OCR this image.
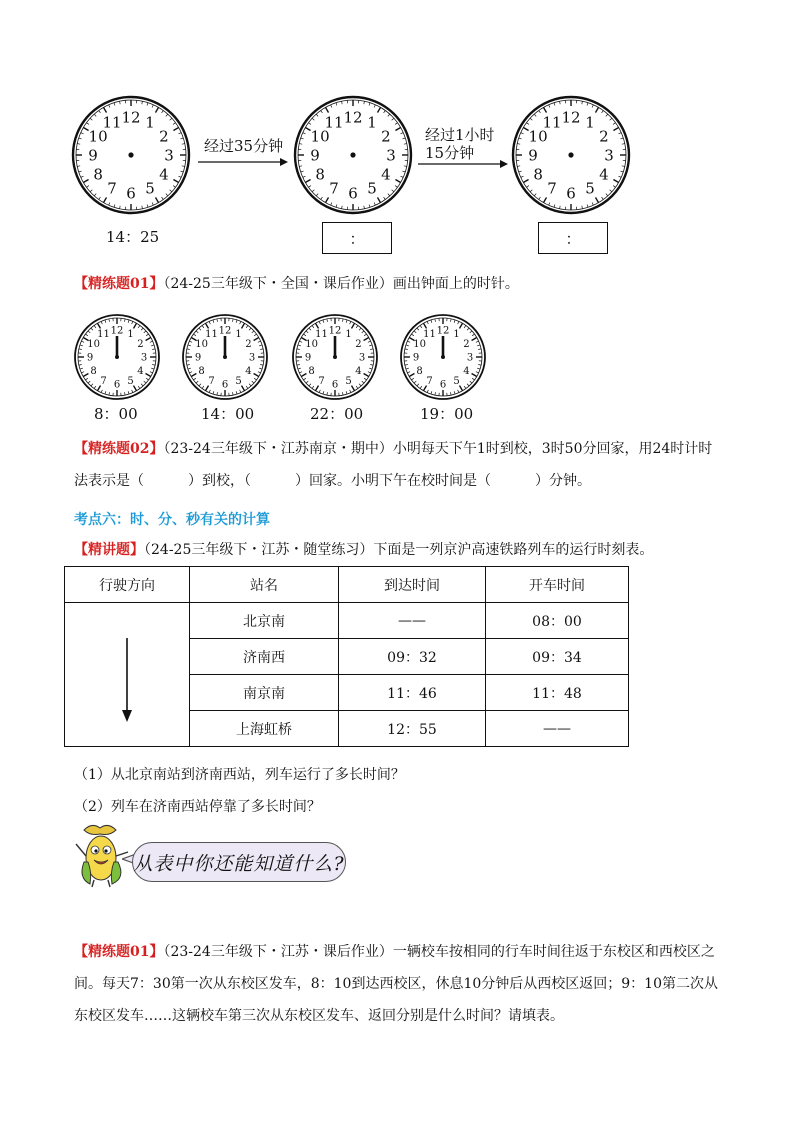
12 1
2
3
4
5
6
7
8
9
10
11
14：25
经过35分钟
12 1
2
3
4
5
6
7
8
9
10
11
：
经过1小时
15分钟
12 1
2
3
4
5
6
7
8
9
10
11
：
【精练题01】（24-25三年级下・全国・课后作业）画出钟面上的时针。
12 1
2
3
4
5
6
7
8
9
10
11	12 1
2
3
4
5
6
7
8
9
10
11	12 1
2
3
4
5
6
7
8
9
10
11	12 1
2
3
4
5
6
7
8
9
10
11
8：00	14：00	22：00	19：00
【精练题02】（23-24三年级下・江苏南京・期中）小明每天下午1时到校，3时50分回家，用24时计时
法表示是（	）到校，（	）回家。小明下午在校时间是（	）分钟。
考点六：时、分、秒有关的计算
【精讲题】（24-25三年级下・江苏・随堂练习）下面是一列京沪高速铁路列车的运行时刻表。
行驶方向	站名	到达时间	开车时间

	北京南	——	08：00
	济南西	09：32	09：34
	南京南	11：46	11：48
	上海虹桥	12：55	——
（1）从北京南站到济南西站，列车运行了多长时间？
（2）列车在济南西站停靠了多长时间？
从表中你还能知道什么?
【精练题01】（23-24三年级下・江苏・课后作业）一辆校车按相同的行车时间往返于东校区和西校区之
间。每天7：30第一次从东校区发车，8：10到达西校区，休息10分钟后从西校区返回；9：10第二次从
东校区发车……这辆校车第三次从东校区发车、返回分别是什么时间？请填表。
